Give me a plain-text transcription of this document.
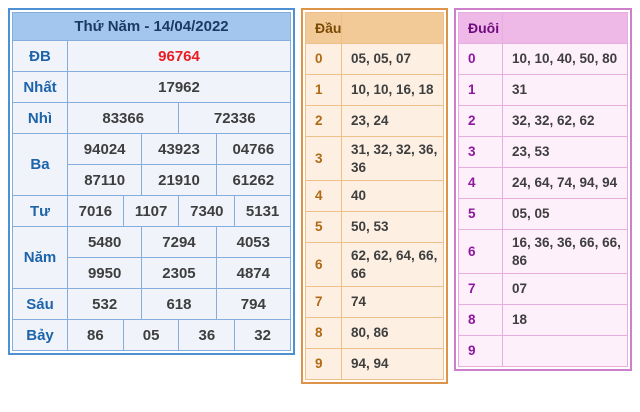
Thứ Năm - 14/04/2022						
ĐB	96764					
Nhất	17962					
Nhì	83366			72336		
Ba	94024		43923		04766	
	87110		21910		61262	
Tư	7016	1107		7340		5131
Năm	5480		7294		4053	
	9950		2305		4874	
Sáu	532		618		794	
Bảy	86	05		36		32
Đầu	
0	05, 05, 07
1	10, 10, 16, 18
2	23, 24
3	31, 32, 32, 36, 36
4	40
5	50, 53
6	62, 62, 64, 66, 66
7	74
8	80, 86
9	94, 94
Đuôi	
0	10, 10, 40, 50, 80
1	31
2	32, 32, 62, 62
3	23, 53
4	24, 64, 74, 94, 94
5	05, 05
6	16, 36, 36, 66, 66, 86
7	07
8	18
9	
